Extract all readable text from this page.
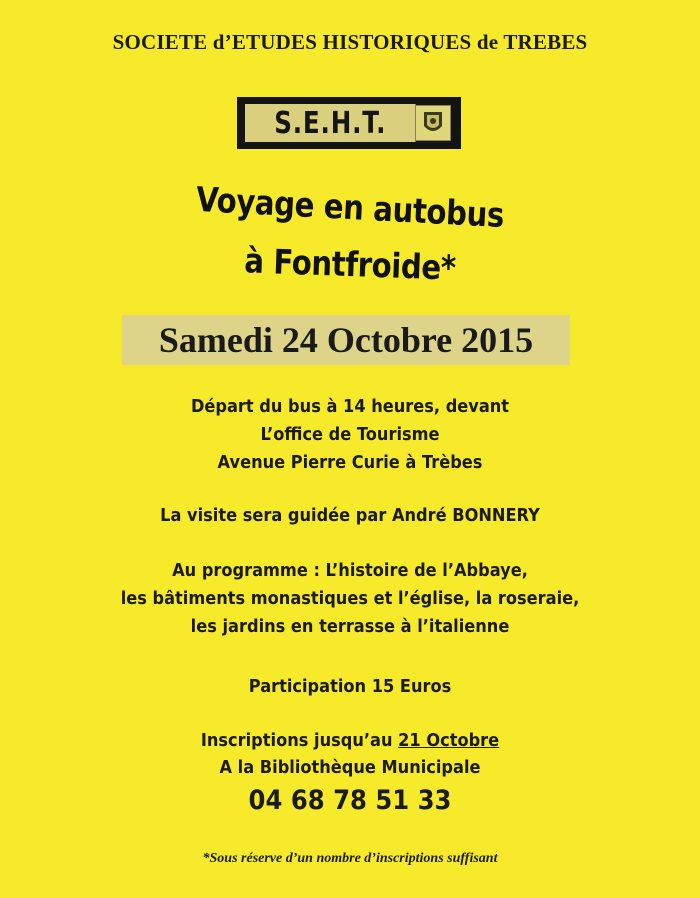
SOCIETE d’ETUDES HISTORIQUES de TREBES
S.E.H.T.
Voyage en autobus
à Fontfroide*
Samedi 24 Octobre 2015
Départ du bus à 14 heures, devant
L’office de Tourisme
Avenue Pierre Curie à Trèbes
La visite sera guidée par André BONNERY
Au programme : L’histoire de l’Abbaye,
les bâtiments monastiques et l’église, la roseraie,
les jardins en terrasse à l’italienne
Participation 15 Euros
Inscriptions jusqu’au 21 Octobre
A la Bibliothèque Municipale
04 68 78 51 33
*Sous réserve d’un nombre d’inscriptions suffisant
